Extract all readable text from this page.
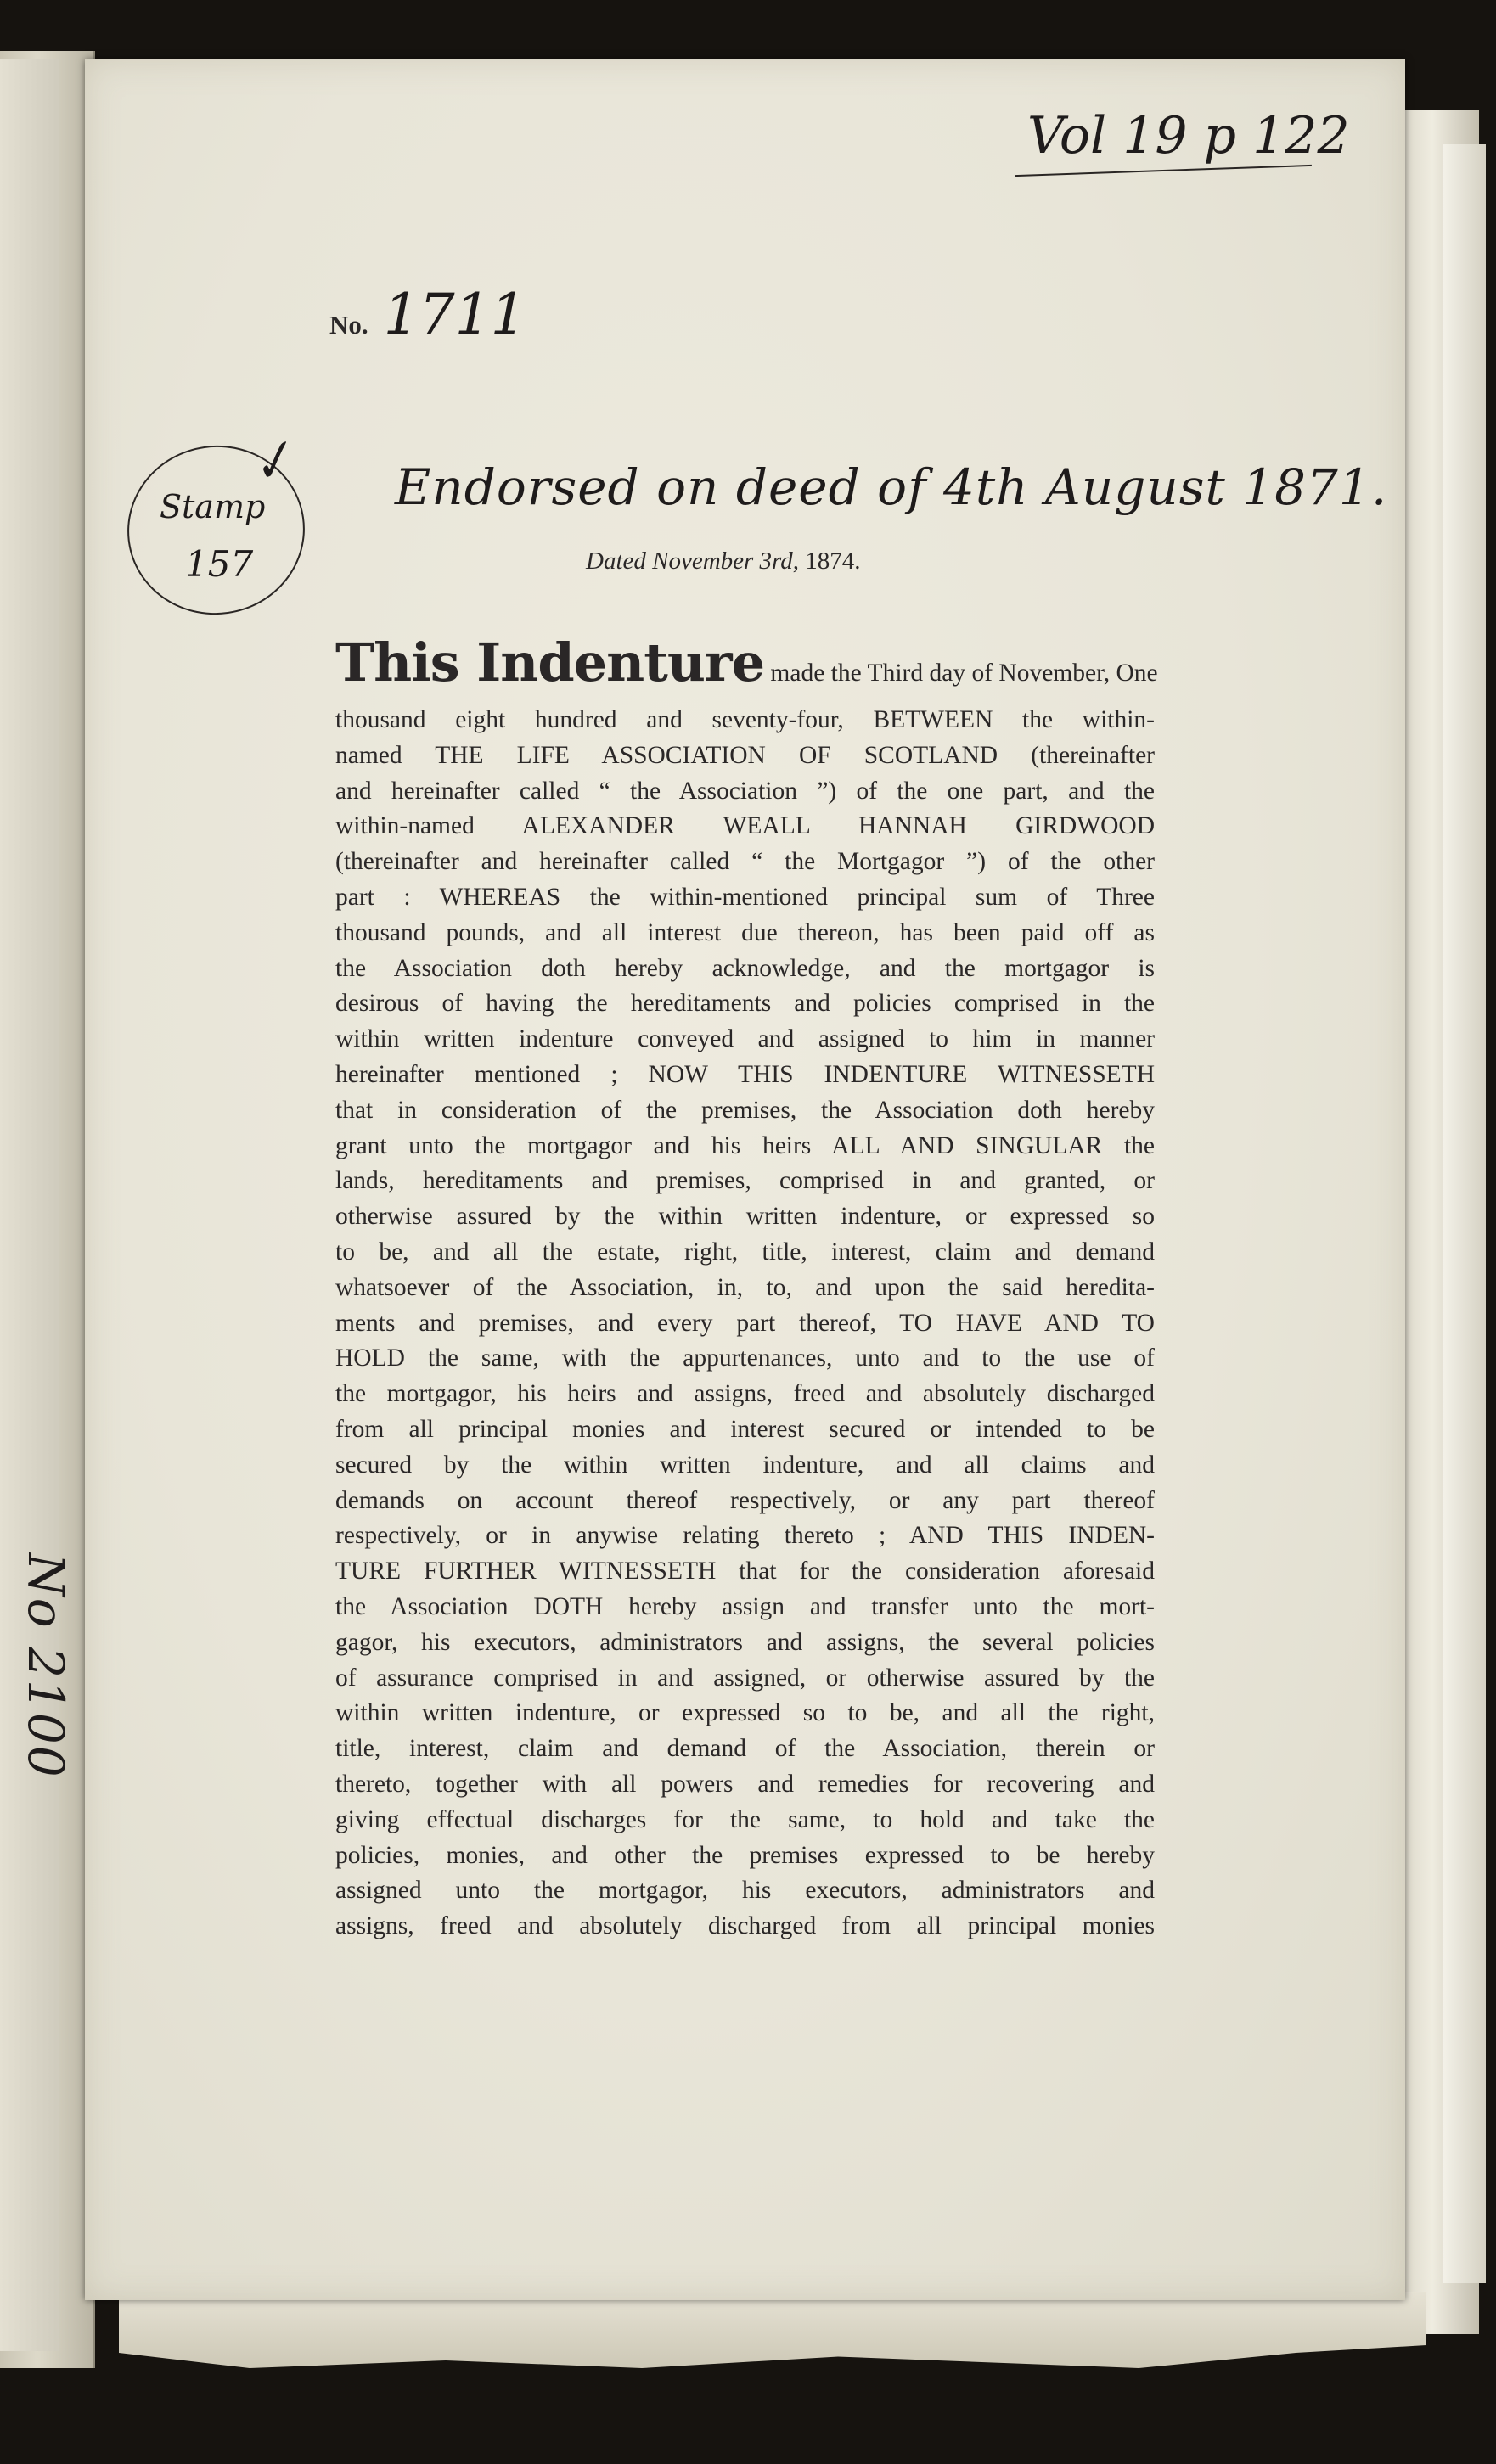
No 2100
Vol 19 p 122
No. 1711
Stamp
157
✓ Endorsed on deed of 4th August 1871.
Dated November 3rd, 1874.
This Indenture made the Third day of November, One
thousand eight hundred and seventy-four, BETWEEN the within-
named THE LIFE ASSOCIATION OF SCOTLAND (thereinafter
and hereinafter called “ the Association ”) of the one part, and the
within-named ALEXANDER WEALL HANNAH GIRDWOOD
(thereinafter and hereinafter called “ the Mortgagor ”) of the other
part : WHEREAS the within-mentioned principal sum of Three
thousand pounds, and all interest due thereon, has been paid off as
the Association doth hereby acknowledge, and the mortgagor is
desirous of having the hereditaments and policies comprised in the
within written indenture conveyed and assigned to him in manner
hereinafter mentioned ; NOW THIS INDENTURE WITNESSETH
that in consideration of the premises, the Association doth hereby
grant unto the mortgagor and his heirs ALL AND SINGULAR the
lands, hereditaments and premises, comprised in and granted, or
otherwise assured by the within written indenture, or expressed so
to be, and all the estate, right, title, interest, claim and demand
whatsoever of the Association, in, to, and upon the said heredita-
ments and premises, and every part thereof, TO HAVE AND TO
HOLD the same, with the appurtenances, unto and to the use of
the mortgagor, his heirs and assigns, freed and absolutely discharged
from all principal monies and interest secured or intended to be
secured by the within written indenture, and all claims and
demands on account thereof respectively, or any part thereof
respectively, or in anywise relating thereto ; AND THIS INDEN-
TURE FURTHER WITNESSETH that for the consideration aforesaid
the Association DOTH hereby assign and transfer unto the mort-
gagor, his executors, administrators and assigns, the several policies
of assurance comprised in and assigned, or otherwise assured by the
within written indenture, or expressed so to be, and all the right,
title, interest, claim and demand of the Association, therein or
thereto, together with all powers and remedies for recovering and
giving effectual discharges for the same, to hold and take the
policies, monies, and other the premises expressed to be hereby
assigned unto the mortgagor, his executors, administrators and
assigns, freed and absolutely discharged from all principal monies
